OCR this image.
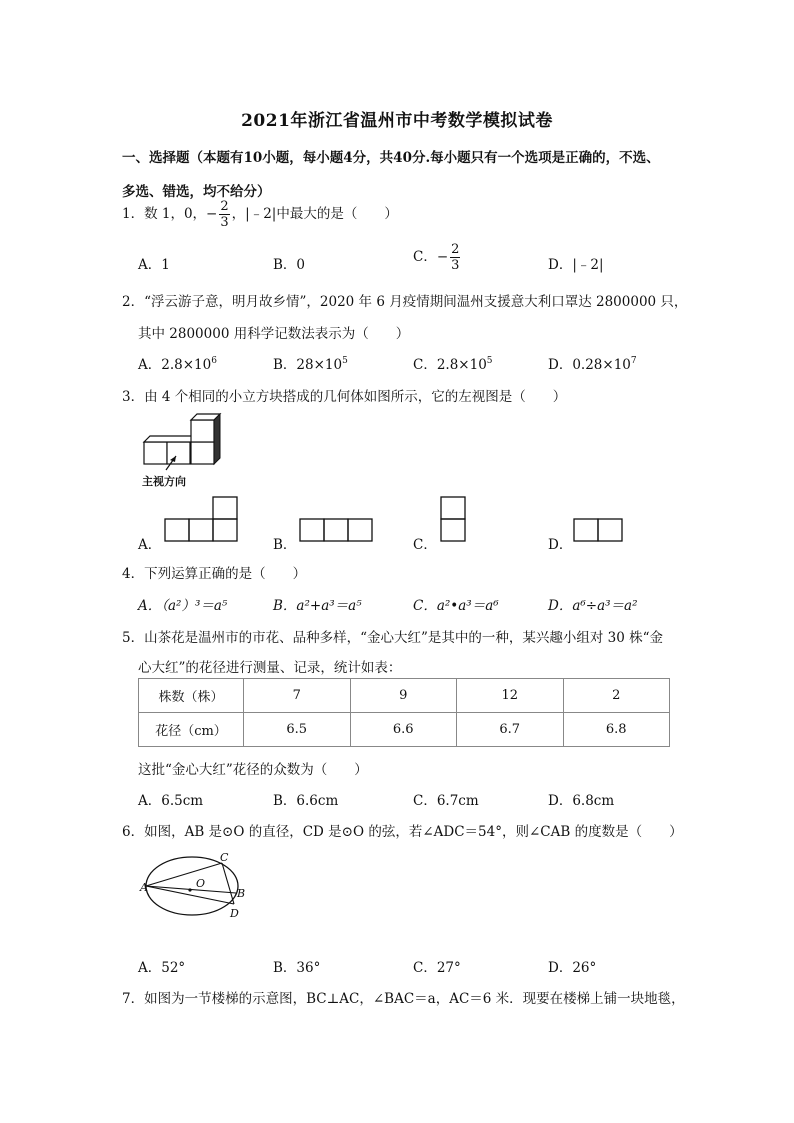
2021年浙江省温州市中考数学模拟试卷
一、选择题（本题有10小题，每小题4分，共40分.每小题只有一个选项是正确的，不选、
多选、错选，均不给分）
1．数 1，0，− $\frac{2}{3}$ ，|﹣2|中最大的是（　　）
A．1	B．0	C．− $\frac{2}{3}$	D．|﹣2|
2．“浮云游子意，明月故乡情”，2020 年 6 月疫情期间温州支援意大利口罩达 2800000 只，
其中 2800000 用科学记数法表示为（　　）
A．$2.8\times 10^6$	B．$28\times 10^5$	C．$2.8\times 10^5$	D．$0.28\times 10^7$
3．由 4 个相同的小立方块搭成的几何体如图所示，它的左视图是（　　）
主视方向
A．	B．	C．	D．
4．下列运算正确的是（　　）
A．（a²）³＝a⁵	B．a²+a³＝a⁵	C．a²•a³＝a⁶	D．a⁶÷a³＝a²
5．山茶花是温州市的市花、品种多样，“金心大红”是其中的一种，某兴趣小组对 30 株“金
心大红”的花径进行测量、记录，统计如表：
株数（株）	7	9	12	2
花径（cm）	6.5	6.6	6.7	6.8
这批“金心大红”花径的众数为（　　）
A．6.5cm	B．6.6cm	C．6.7cm	D．6.8cm
6．如图，AB 是⊙O 的直径，CD 是⊙O 的弦，若∠ADC＝54°，则∠CAB 的度数是（　　）
A	O
C
B
D
A．52°	B．36°	C．27°	D．26°
7．如图为一节楼梯的示意图，BC⊥AC，∠BAC＝a，AC＝6 米．现要在楼梯上铺一块地毯，
